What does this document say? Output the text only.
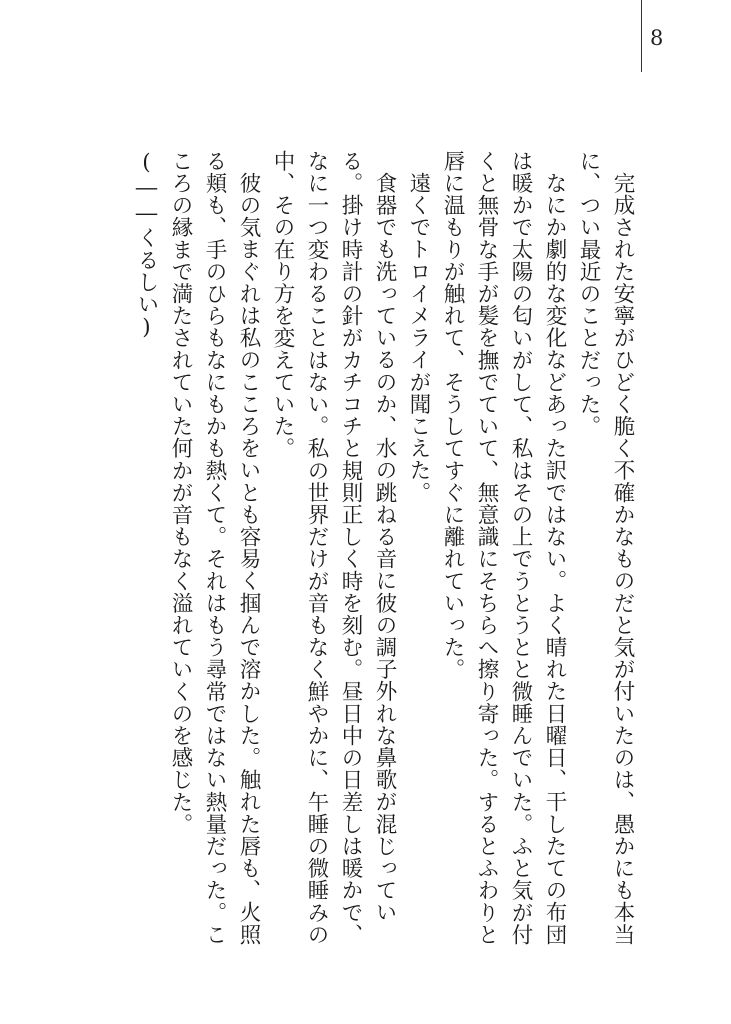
8

完成された安寧がひどく脆く不確かなものだと気が付いたのは、愚かにも本当に、つい最近のことだった。

なにか劇的な変化などあった訳ではない。よく晴れた日曜日、干したての布団は暖かで太陽の匂いがして、私はその上でうとうとと微睡んでいた。ふと気が付くと無骨な手が髪を撫でていて、無意識にそちらへ擦り寄った。するとふわりと唇に温もりが触れて、そうしてすぐに離れていった。

遠くでトロイメライが聞こえた。

食器でも洗っているのか、水の跳ねる音に彼の調子外れな鼻歌が混じっている。掛け時計の針がカチコチと規則正しく時を刻む。昼日中の日差しは暖かで、なに一つ変わることはない。私の世界だけが音もなく鮮やかに、午睡の微睡みの中、その在り方を変えていた。

彼の気まぐれは私のこころをいとも容易く掴んで溶かした。触れた唇も、火照る頬も、手のひらもなにもかも熱くて。それはもう尋常ではない熱量だった。こころの縁まで満たされていた何かが音もなく溢れていくのを感じた。

(――くるしい)
